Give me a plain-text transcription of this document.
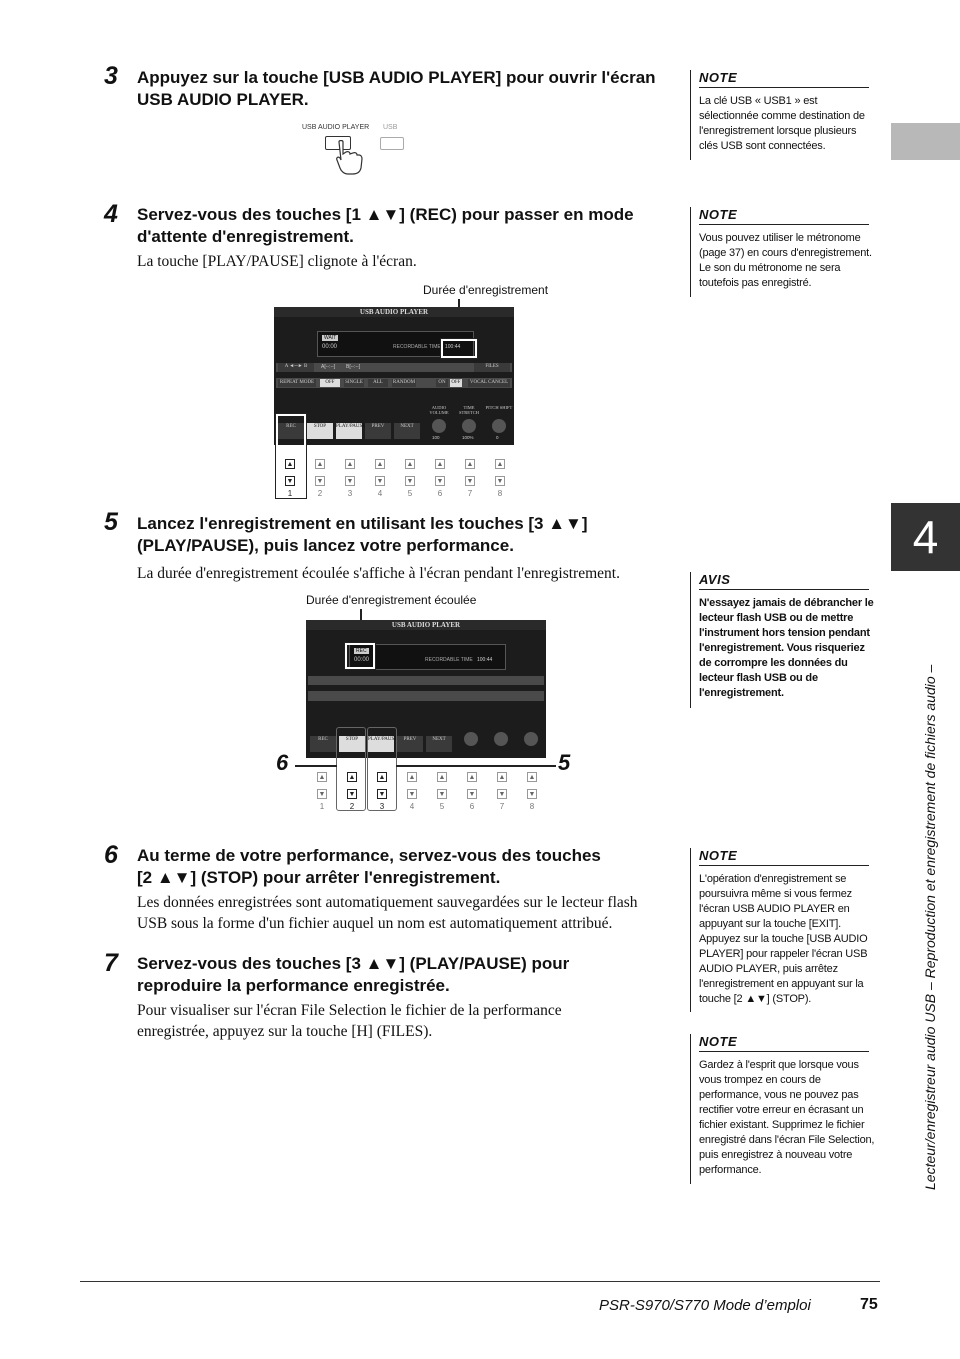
4
Lecteur/enregistreur audio USB – Reproduction et enregistrement de fichiers audio –
3 Appuyez sur la touche [USB AUDIO PLAYER] pour ouvrir l'écran
USB AUDIO PLAYER.
USB AUDIO PLAYER USB
NOTE
La clé USB « USB1 » est sélectionnée comme destination de l'enregistrement lorsque plusieurs clés USB sont connectées.
4 Servez-vous des touches [1 ▲▼] (REC) pour passer en mode
d'attente d'enregistrement.
La touche [PLAY/PAUSE] clignote à l'écran.
NOTE
Vous pouvez utiliser le métronome (page 37) en cours d'enregistrement. Le son du métronome ne sera toutefois pas enregistré.
Durée d'enregistrement
USB AUDIO PLAYER
WAIT
00:00	RECORDABLE TIME 100:44
A ◄─► B	A[--:--] B[--:--]	FILES
REPEAT MODE	OFF	SINGLE	ALL	RANDOM	ON	OFF	VOCAL CANCEL
AUDIO VOLUME
TIME STRETCH
PITCH SHIFT
100	100%	0
REC	STOP	PLAY/PAUSE	PREV	NEXT
▲
▼
1
▲
▼
2
▲
▼
3
▲
▼
4
▲
▼
5
▲
▼
6
▲
▼
7
▲
▼
8
5 Lancez l'enregistrement en utilisant les touches [3 ▲▼]
(PLAY/PAUSE), puis lancez votre performance.
La durée d'enregistrement écoulée s'affiche à l'écran pendant l'enregistrement.	AVIS
N'essayez jamais de débrancher le lecteur flash USB ou de mettre l'instrument hors tension pendant l'enregistrement. Vous risqueriez de corrompre les données du lecteur flash USB ou de l'enregistrement.
Durée d'enregistrement écoulée
USB AUDIO PLAYER
REC
00:00	RECORDABLE TIME 100:44
REC	STOP	PLAY/PAUSE	PREV	NEXT
6	5
▲
▼
1
▲
▼
2
▲
▼
3
▲
▼
4
▲
▼
5
▲
▼
6
▲
▼
7
▲
▼
8
6 Au terme de votre performance, servez-vous des touches
[2 ▲▼] (STOP) pour arrêter l'enregistrement.
Les données enregistrées sont automatiquement sauvegardées sur le lecteur flash
USB sous la forme d'un fichier auquel un nom est automatiquement attribué.
NOTE
L'opération d'enregistrement se poursuivra même si vous fermez l'écran USB AUDIO PLAYER en appuyant sur la touche [EXIT]. Appuyez sur la touche [USB AUDIO PLAYER] pour rappeler l'écran USB AUDIO PLAYER, puis arrêtez l'enregistrement en appuyant sur la touche [2 ▲▼] (STOP).
7 Servez-vous des touches [3 ▲▼] (PLAY/PAUSE) pour
reproduire la performance enregistrée.
Pour visualiser sur l'écran File Selection le fichier de la performance
enregistrée, appuyez sur la touche [H] (FILES).
NOTE
Gardez à l'esprit que lorsque vous vous trompez en cours de performance, vous ne pouvez pas rectifier votre erreur en écrasant un fichier existant. Supprimez le fichier enregistré dans l'écran File Selection, puis enregistrez à nouveau votre performance.
PSR-S970/S770 Mode d’emploi	75
